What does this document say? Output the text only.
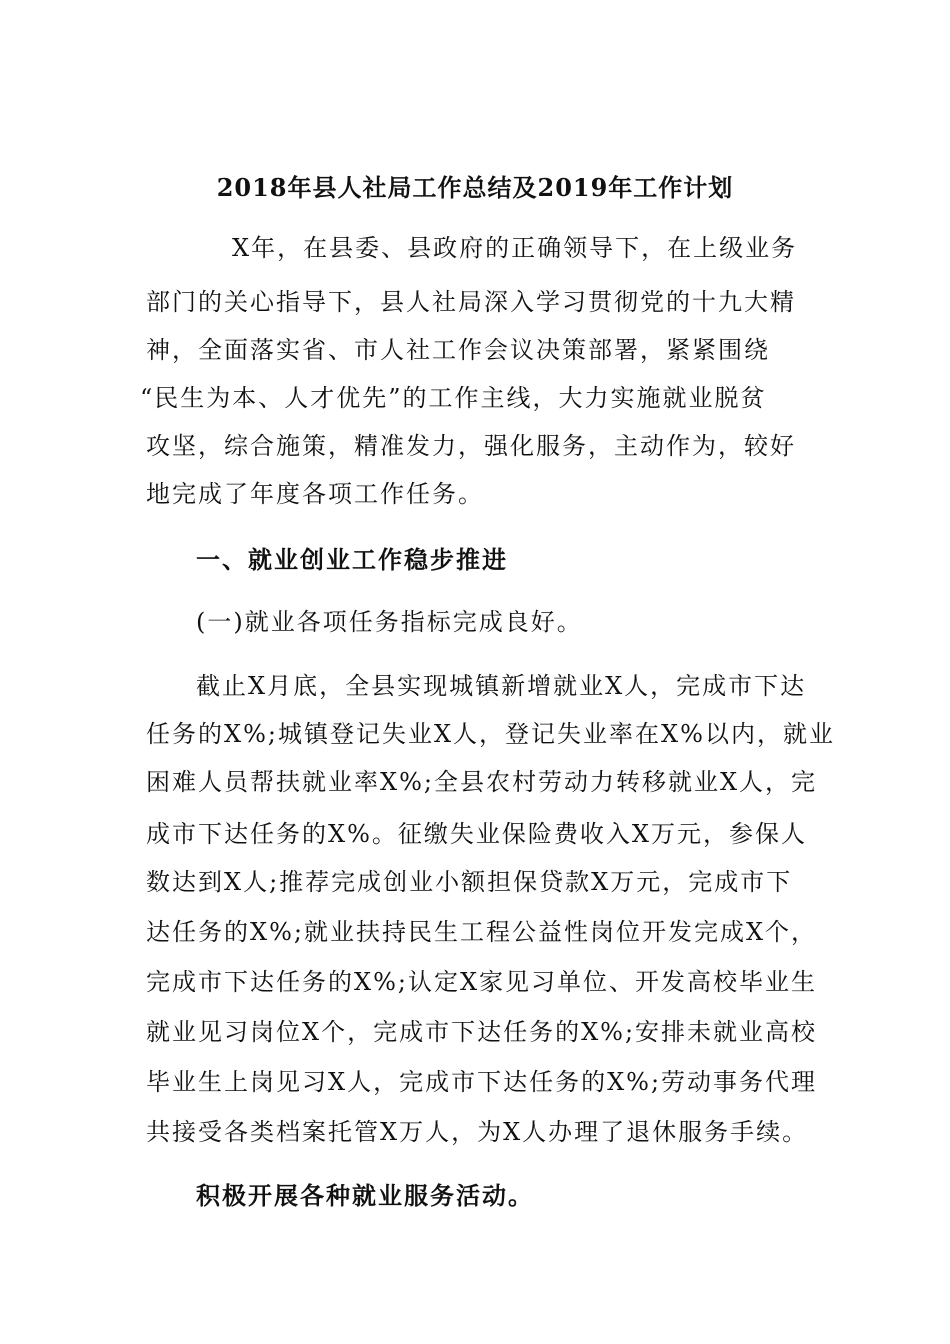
2018年县人社局工作总结及2019年工作计划
X年，在县委、县政府的正确领导下，在上级业务
部门的关心指导下，县人社局深入学习贯彻党的十九大精
神，全面落实省、市人社工作会议决策部署，紧紧围绕
“民生为本、人才优先”的工作主线，大力实施就业脱贫
攻坚，综合施策，精准发力，强化服务，主动作为，较好
地完成了年度各项工作任务。
一、就业创业工作稳步推进
(一)就业各项任务指标完成良好。
截止X月底，全县实现城镇新增就业X人，完成市下达
任务的X%;城镇登记失业X人，登记失业率在X%以内，就业
困难人员帮扶就业率X%;全县农村劳动力转移就业X人，完
成市下达任务的X%。征缴失业保险费收入X万元，参保人
数达到X人;推荐完成创业小额担保贷款X万元，完成市下
达任务的X%;就业扶持民生工程公益性岗位开发完成X个，
完成市下达任务的X%;认定X家见习单位、开发高校毕业生
就业见习岗位X个，完成市下达任务的X%;安排未就业高校
毕业生上岗见习X人，完成市下达任务的X%;劳动事务代理
共接受各类档案托管X万人，为X人办理了退休服务手续。
积极开展各种就业服务活动。
